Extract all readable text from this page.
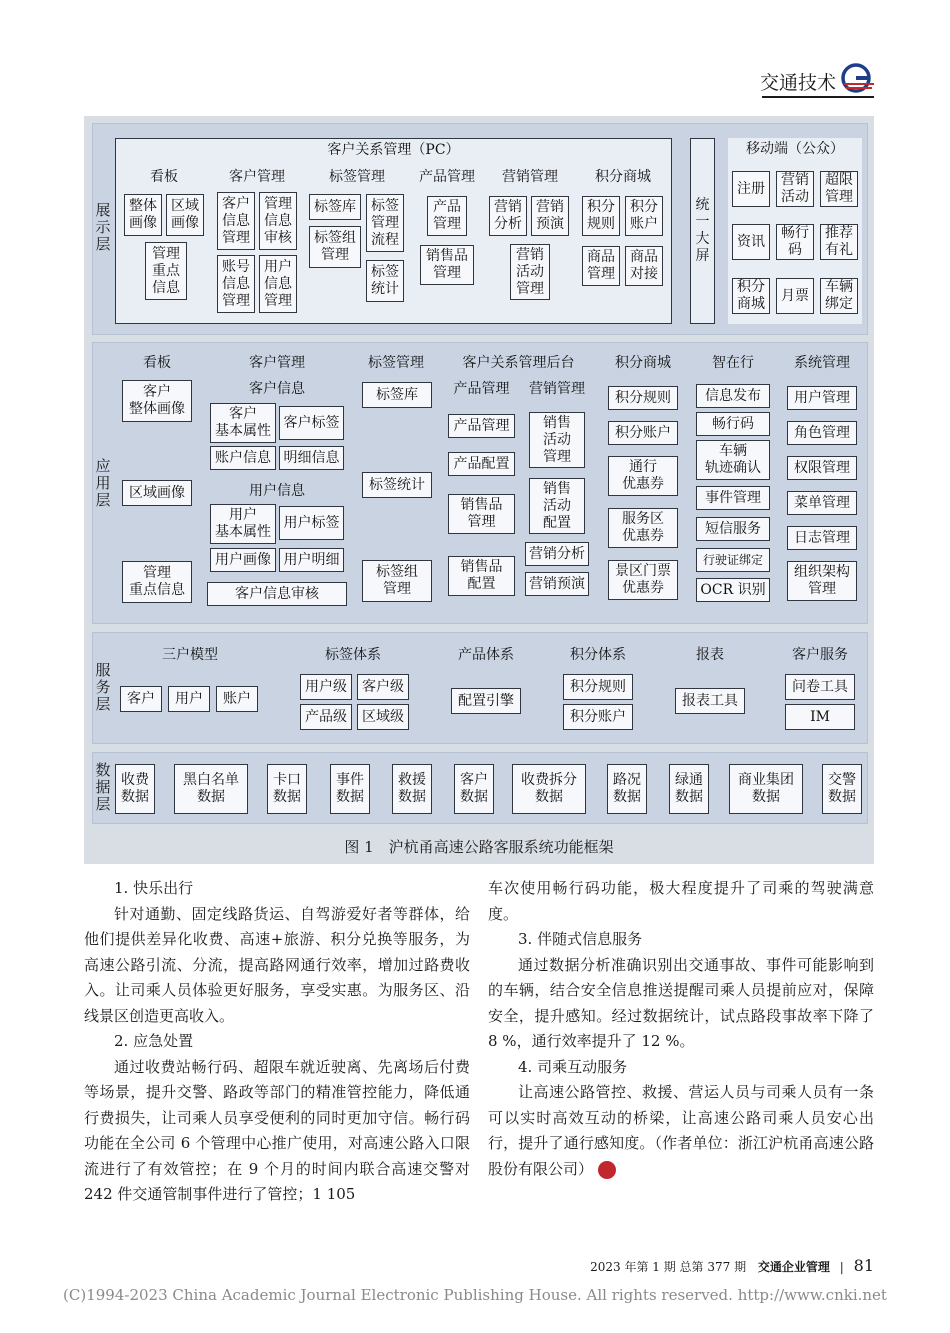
交通技术
展
示
层
客户关系管理（PC）
看板
整体
画像
区域
画像
管理
重点
信息
客户管理
客户
信息
管理
管理
信息
审核
账号
信息
管理
用户
信息
管理
标签管理
标签库	标签
管理
流程
标签组
管理
标签
统计
产品管理
产品
管理
销售品
管理
营销管理
营销
分析
营销
预演
营销
活动
管理
积分商城
积分
规则
积分
账户
商品
管理
商品
对接
统
一
大
屏
移动端（公众）
注册
营销
活动
超限
管理
资讯
畅行
码
推荐
有礼
积分
商城
月票
车辆
绑定
应
用
层
看板
客户
整体画像
区域画像
管理
重点信息
客户管理
客户信息
客户
基本属性
客户标签
账户信息 明细信息
用户信息
用户
基本属性
用户标签
用户画像 用户明细
客户信息审核
标签管理
标签库
标签统计
标签组
管理
客户关系管理后台
产品管理
产品管理
产品配置
销售品
管理
销售品
配置
营销管理
销售
活动
管理
销售
活动
配置
营销分析
营销预演
积分商城
积分规则
积分账户
通行
优惠券
服务区
优惠券
景区门票
优惠券
智在行
信息发布
畅行码
车辆
轨迹确认
事件管理
短信服务
行驶证绑定
OCR 识别
系统管理
用户管理
角色管理
权限管理
菜单管理
日志管理
组织架构
管理
服
务
层
三户模型
客户	用户	账户
标签体系
用户级	客户级
产品级	区域级
产品体系
配置引擎
积分体系
积分规则
积分账户
报表
报表工具
客户服务
问卷工具
IM
数
据
层
收费
数据
黑白名单
数据
卡口
数据
事件
数据
救援
数据
客户
数据
收费拆分
数据
路况
数据
绿通
数据
商业集团
数据
交警
数据
图 1　沪杭甬高速公路客服系统功能框架

1. 快乐出行

针对通勤、固定线路货运、自驾游爱好者等群体，给他们提供差异化收费、高速+旅游、积分兑换等服务，为高速公路引流、分流，提高路网通行效率，增加过路费收入。让司乘人员体验更好服务，享受实惠。为服务区、沿线景区创造更高收入。

2. 应急处置

通过收费站畅行码、超限车就近驶离、先离场后付费等场景，提升交警、路政等部门的精准管控能力，降低通行费损失，让司乘人员享受便利的同时更加守信。畅行码功能在全公司 6 个管理中心推广使用，对高速公路入口限流进行了有效管控；在 9 个月的时间内联合高速交警对 242 件交通管制事件进行了管控；1 105

车次使用畅行码功能，极大程度提升了司乘的驾驶满意度。

3. 伴随式信息服务

通过数据分析准确识别出交通事故、事件可能影响到的车辆，结合安全信息推送提醒司乘人员提前应对，保障安全，提升感知。经过数据统计，试点路段事故率下降了 8 %，通行效率提升了 12 %。

4. 司乘互动服务

让高速公路管控、救援、营运人员与司乘人员有一条可以实时高效互动的桥梁，让高速公路司乘人员安心出行，提升了通行感知度。（作者单位：浙江沪杭甬高速公路股份有限公司）	封

2023 年第 1 期 总第 377 期 交通企业管理 | 81
(C)1994-2023 China Academic Journal Electronic Publishing House. All rights reserved. http://www.cnki.net
